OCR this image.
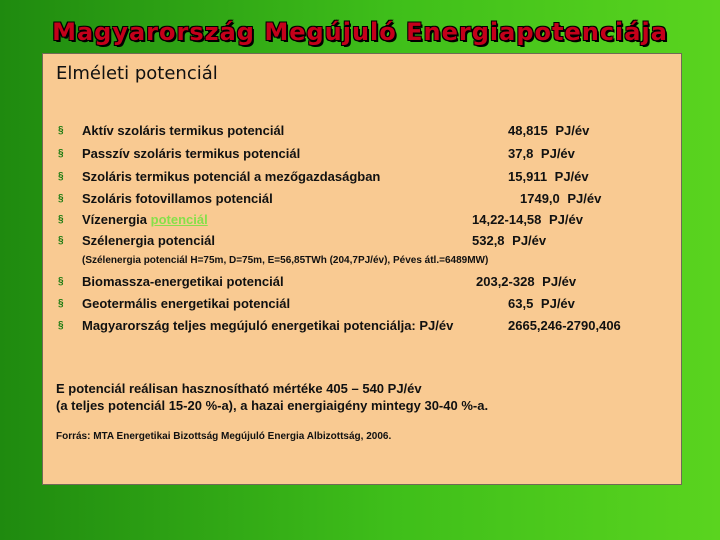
Magyarország Megújuló Energiapotenciája
Elméleti potenciál
§ Aktív szoláris termikus potenciál	48,815 PJ/év
§ Passzív szoláris termikus potenciál	37,8 PJ/év
§ Szoláris termikus potenciál a mezőgazdaságban	15,911 PJ/év
§ Szoláris fotovillamos potenciál	1749,0 PJ/év
§ Vízenergia potenciál	14,22-14,58 PJ/év
§ Szélenergia potenciál	532,8 PJ/év
(Szélenergia potenciál H=75m, D=75m, E=56,85TWh (204,7PJ/év), Péves átl.=6489MW)
§ Biomassza-energetikai potenciál	203,2-328 PJ/év
§ Geotermális energetikai potenciál	63,5 PJ/év
§ Magyarország teljes megújuló energetikai potenciálja: PJ/év	2665,246-2790,406
E potenciál reálisan hasznosítható mértéke 405 – 540 PJ/év
(a teljes potenciál 15-20 %-a), a hazai energiaigény mintegy 30-40 %-a.
Forrás: MTA Energetikai Bizottság Megújuló Energia Albizottság, 2006.
